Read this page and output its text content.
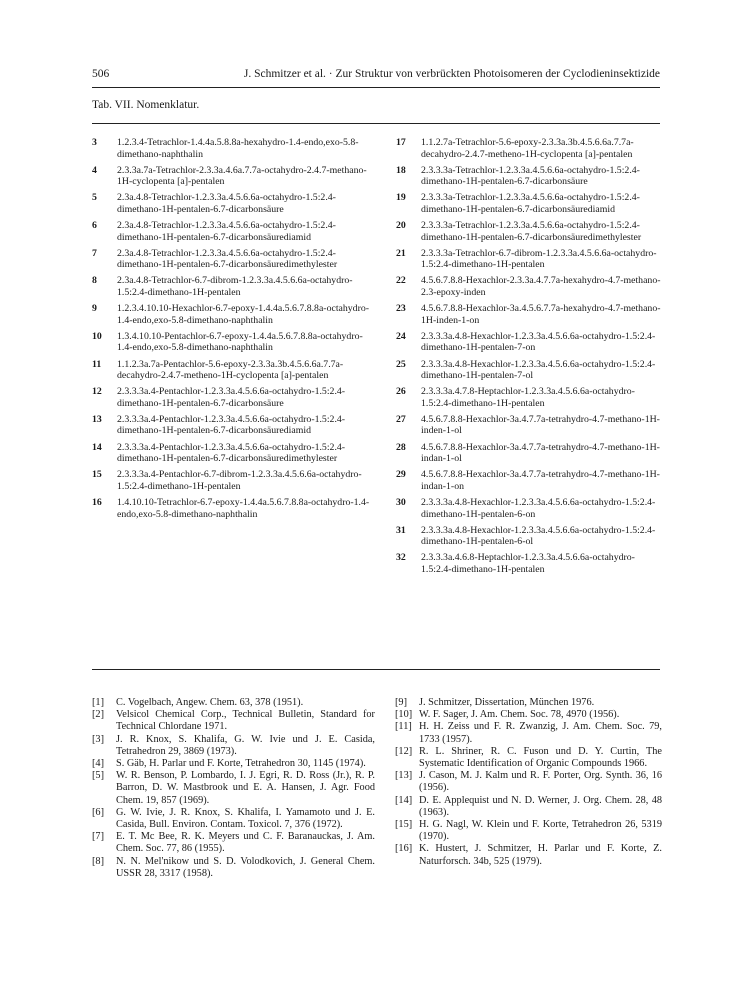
506	J. Schmitzer et al. · Zur Struktur von verbrückten Photoisomeren der Cyclodieninsektizide
Tab. VII. Nomenklatur.
3	1.2.3.4-Tetrachlor-1.4.4a.5.8.8a-hexahydro-1.4-endo,exo-5.8-dimethano-naphthalin
4	2.3.3a.7a-Tetrachlor-2.3.3a.4.6a.7.7a-octahydro-2.4.7-methano-1H-cyclopenta [a]-pentalen
5	2.3a.4.8-Tetrachlor-1.2.3.3a.4.5.6.6a-octahydro-1.5:2.4-dimethano-1H-pentalen-6.7-dicarbonsäure
6	2.3a.4.8-Tetrachlor-1.2.3.3a.4.5.6.6a-octahydro-1.5:2.4-dimethano-1H-pentalen-6.7-dicarbonsäurediamid
7	2.3a.4.8-Tetrachlor-1.2.3.3a.4.5.6.6a-octahydro-1.5:2.4-dimethano-1H-pentalen-6.7-dicarbonsäuredimethylester
8	2.3a.4.8-Tetrachlor-6.7-dibrom-1.2.3.3a.4.5.6.6a-octahydro-1.5:2.4-dimethano-1H-pentalen
9	1.2.3.4.10.10-Hexachlor-6.7-epoxy-1.4.4a.5.6.7.8.8a-octahydro-1.4-endo,exo-5.8-dimethano-naphthalin
10	1.3.4.10.10-Pentachlor-6.7-epoxy-1.4.4a.5.6.7.8.8a-octahydro-1.4-endo,exo-5.8-dimethano-naphthalin
11	1.1.2.3a.7a-Pentachlor-5.6-epoxy-2.3.3a.3b.4.5.6.6a.7.7a-decahydro-2.4.7-metheno-1H-cyclopenta [a]-pentalen
12	2.3.3.3a.4-Pentachlor-1.2.3.3a.4.5.6.6a-octahydro-1.5:2.4-dimethano-1H-pentalen-6.7-dicarbonsäure
13	2.3.3.3a.4-Pentachlor-1.2.3.3a.4.5.6.6a-octahydro-1.5:2.4-dimethano-1H-pentalen-6.7-dicarbonsäurediamid
14	2.3.3.3a.4-Pentachlor-1.2.3.3a.4.5.6.6a-octahydro-1.5:2.4-dimethano-1H-pentalen-6.7-dicarbonsäuredimethylester
15	2.3.3.3a.4-Pentachlor-6.7-dibrom-1.2.3.3a.4.5.6.6a-octahydro-1.5:2.4-dimethano-1H-pentalen
16	1.4.10.10-Tetrachlor-6.7-epoxy-1.4.4a.5.6.7.8.8a-octahydro-1.4-endo,exo-5.8-dimethano-naphthalin
17	1.1.2.7a-Tetrachlor-5.6-epoxy-2.3.3a.3b.4.5.6.6a.7.7a-decahydro-2.4.7-metheno-1H-cyclopenta [a]-pentalen
18	2.3.3.3a-Tetrachlor-1.2.3.3a.4.5.6.6a-octahydro-1.5:2.4-dimethano-1H-pentalen-6.7-dicarbonsäure
19	2.3.3.3a-Tetrachlor-1.2.3.3a.4.5.6.6a-octahydro-1.5:2.4-dimethano-1H-pentalen-6.7-dicarbonsäurediamid
20	2.3.3.3a-Tetrachlor-1.2.3.3a.4.5.6.6a-octahydro-1.5:2.4-dimethano-1H-pentalen-6.7-dicarbonsäuredimethylester
21	2.3.3.3a-Tetrachlor-6.7-dibrom-1.2.3.3a.4.5.6.6a-octahydro-1.5:2.4-dimethano-1H-pentalen
22	4.5.6.7.8.8-Hexachlor-2.3.3a.4.7.7a-hexahydro-4.7-methano-2.3-epoxy-inden
23	4.5.6.7.8.8-Hexachlor-3a.4.5.6.7.7a-hexahydro-4.7-methano-1H-inden-1-on
24	2.3.3.3a.4.8-Hexachlor-1.2.3.3a.4.5.6.6a-octahydro-1.5:2.4-dimethano-1H-pentalen-7-on
25	2.3.3.3a.4.8-Hexachlor-1.2.3.3a.4.5.6.6a-octahydro-1.5:2.4-dimethano-1H-pentalen-7-ol
26	2.3.3.3a.4.7.8-Heptachlor-1.2.3.3a.4.5.6.6a-octahydro-1.5:2.4-dimethano-1H-pentalen
27	4.5.6.7.8.8-Hexachlor-3a.4.7.7a-tetrahydro-4.7-methano-1H-inden-1-ol
28	4.5.6.7.8.8-Hexachlor-3a.4.7.7a-tetrahydro-4.7-methano-1H-indan-1-ol
29	4.5.6.7.8.8-Hexachlor-3a.4.7.7a-tetrahydro-4.7-methano-1H-indan-1-on
30	2.3.3.3a.4.8-Hexachlor-1.2.3.3a.4.5.6.6a-octahydro-1.5:2.4-dimethano-1H-pentalen-6-on
31	2.3.3.3a.4.8-Hexachlor-1.2.3.3a.4.5.6.6a-octahydro-1.5:2.4-dimethano-1H-pentalen-6-ol
32	2.3.3.3a.4.6.8-Heptachlor-1.2.3.3a.4.5.6.6a-octahydro-1.5:2.4-dimethano-1H-pentalen
[1] C. Vogelbach, Angew. Chem. 63, 378 (1951).
[2] Velsicol Chemical Corp., Technical Bulletin, Standard for Technical Chlordane 1971.
[3] J. R. Knox, S. Khalifa, G. W. Ivie und J. E. Casida, Tetrahedron 29, 3869 (1973).
[4] S. Gäb, H. Parlar und F. Korte, Tetrahedron 30, 1145 (1974).
[5] W. R. Benson, P. Lombardo, I. J. Egri, R. D. Ross (Jr.), R. P. Barron, D. W. Mastbrook und E. A. Hansen, J. Agr. Food Chem. 19, 857 (1969).
[6] G. W. Ivie, J. R. Knox, S. Khalifa, I. Yamamoto und J. E. Casida, Bull. Environ. Contam. Toxicol. 7, 376 (1972).
[7] E. T. Mc Bee, R. K. Meyers und C. F. Baranauckas, J. Am. Chem. Soc. 77, 86 (1955).
[8] N. N. Mel'nikow und S. D. Volodkovich, J. General Chem. USSR 28, 3317 (1958).
[9] J. Schmitzer, Dissertation, München 1976.
[10] W. F. Sager, J. Am. Chem. Soc. 78, 4970 (1956).
[11] H. H. Zeiss und F. R. Zwanzig, J. Am. Chem. Soc. 79, 1733 (1957).
[12] R. L. Shriner, R. C. Fuson und D. Y. Curtin, The Systematic Identification of Organic Compounds 1966.
[13] J. Cason, M. J. Kalm und R. F. Porter, Org. Synth. 36, 16 (1956).
[14] D. E. Applequist und N. D. Werner, J. Org. Chem. 28, 48 (1963).
[15] H. G. Nagl, W. Klein und F. Korte, Tetrahedron 26, 5319 (1970).
[16] K. Hustert, J. Schmitzer, H. Parlar und F. Korte, Z. Naturforsch. 34b, 525 (1979).
